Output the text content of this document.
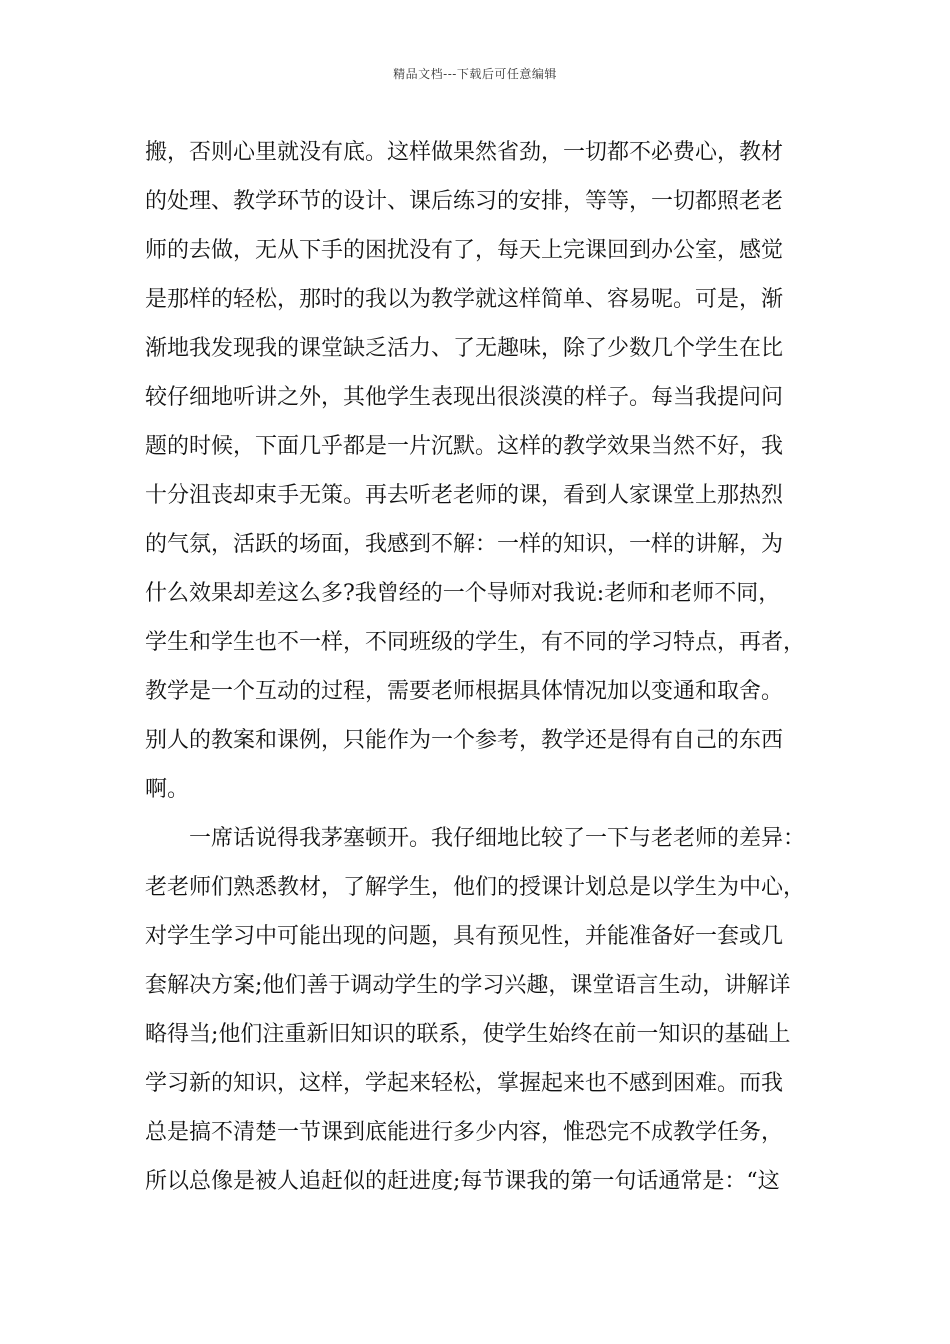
精品文档---下载后可任意编辑
搬，否则心里就没有底。这样做果然省劲，一切都不必费心，教材
的处理、教学环节的设计、课后练习的安排，等等，一切都照老老
师的去做，无从下手的困扰没有了，每天上完课回到办公室，感觉
是那样的轻松，那时的我以为教学就这样简单、容易呢。可是，渐
渐地我发现我的课堂缺乏活力、了无趣味，除了少数几个学生在比
较仔细地听讲之外，其他学生表现出很淡漠的样子。每当我提问问
题的时候，下面几乎都是一片沉默。这样的教学效果当然不好，我
十分沮丧却束手无策。再去听老老师的课，看到人家课堂上那热烈
的气氛，活跃的场面，我感到不解：一样的知识，一样的讲解，为
什么效果却差这么多?我曾经的一个导师对我说:老师和老师不同，
学生和学生也不一样，不同班级的学生，有不同的学习特点，再者，
教学是一个互动的过程，需要老师根据具体情况加以变通和取舍。
别人的教案和课例，只能作为一个参考，教学还是得有自己的东西
啊。
一席话说得我茅塞顿开。我仔细地比较了一下与老老师的差异：
老老师们熟悉教材，了解学生，他们的授课计划总是以学生为中心，
对学生学习中可能出现的问题，具有预见性，并能准备好一套或几
套解决方案;他们善于调动学生的学习兴趣，课堂语言生动，讲解详
略得当;他们注重新旧知识的联系，使学生始终在前一知识的基础上
学习新的知识，这样，学起来轻松，掌握起来也不感到困难。而我
总是搞不清楚一节课到底能进行多少内容，惟恐完不成教学任务，
所以总像是被人追赶似的赶进度;每节课我的第一句话通常是：“这
